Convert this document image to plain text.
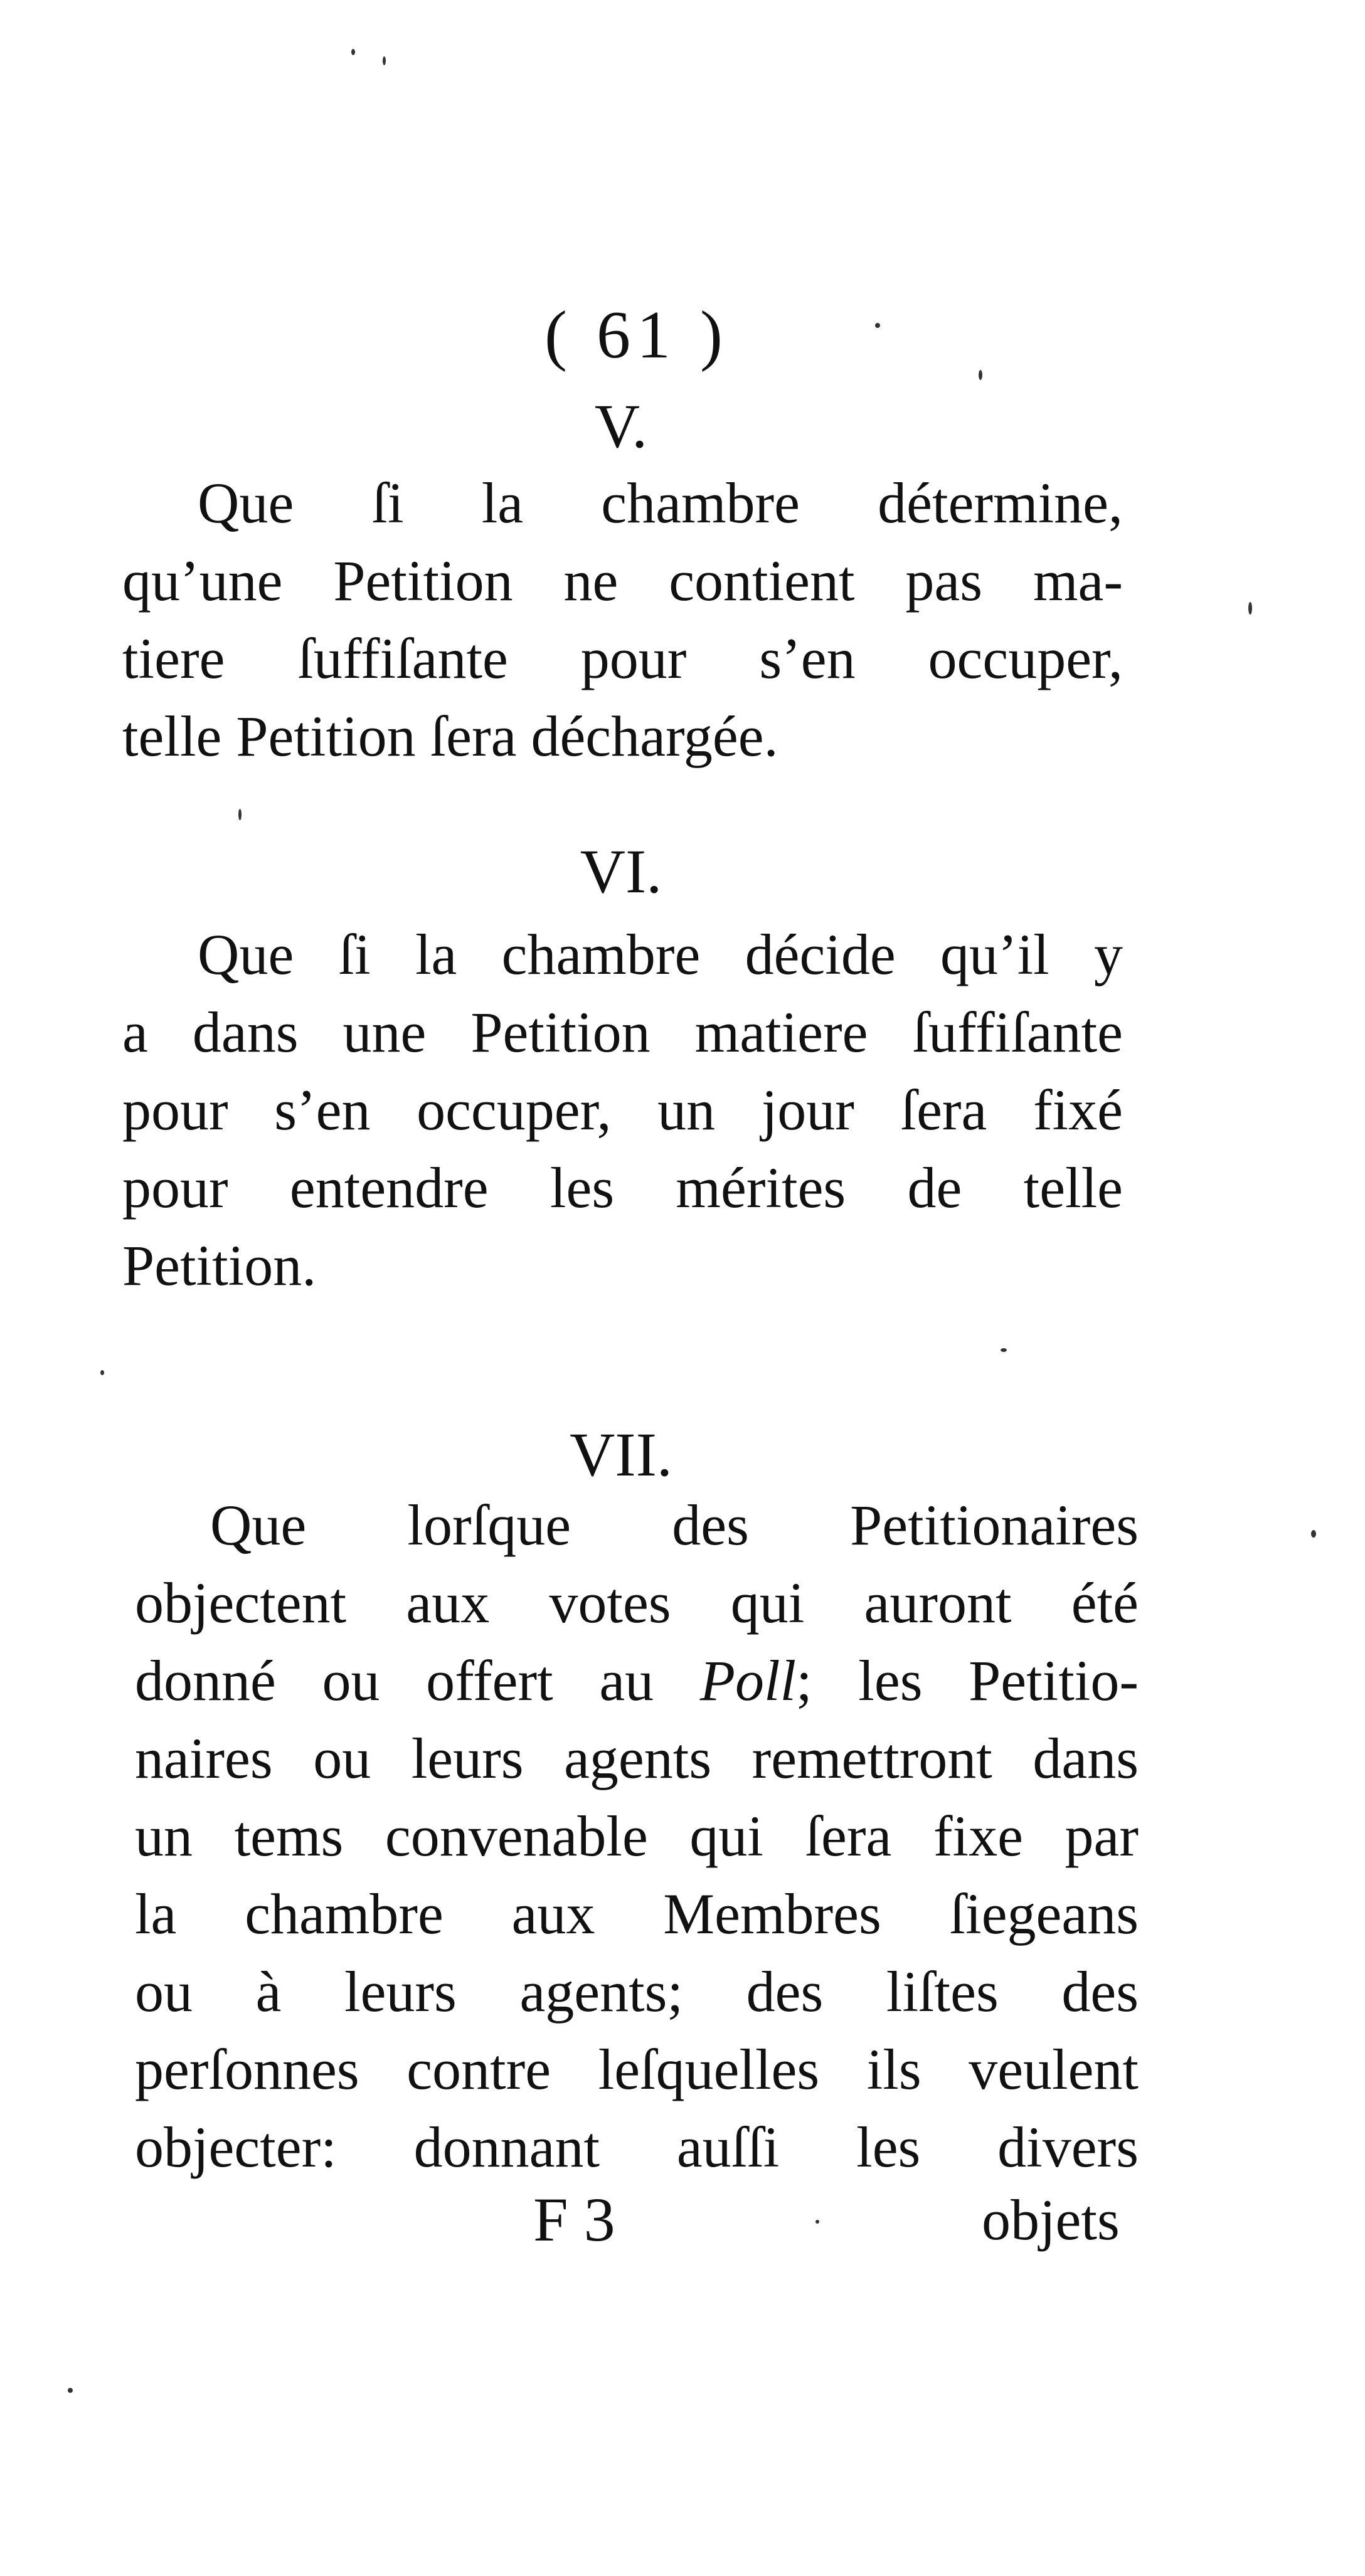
( 61 )
V.
Que ſi la chambre détermine,
qu’une Petition ne contient pas ma-
tiere ſuffiſante pour s’en occuper,
telle Petition ſera déchargée.
VI.
Que ſi la chambre décide qu’il y
a dans une Petition matiere ſuffiſante
pour s’en occuper, un jour ſera fixé
pour entendre les mérites de telle
Petition.
VII.
Que lorſque des Petitionaires
objectent aux votes qui auront été
donné ou offert au Poll; les Petitio-
naires ou leurs agents remettront dans
un tems convenable qui ſera fixe par
la chambre aux Membres ſiegeans
ou à leurs agents; des liſtes des
perſonnes contre leſquelles ils veulent
objecter: donnant auſſi les divers
F 3	objets
